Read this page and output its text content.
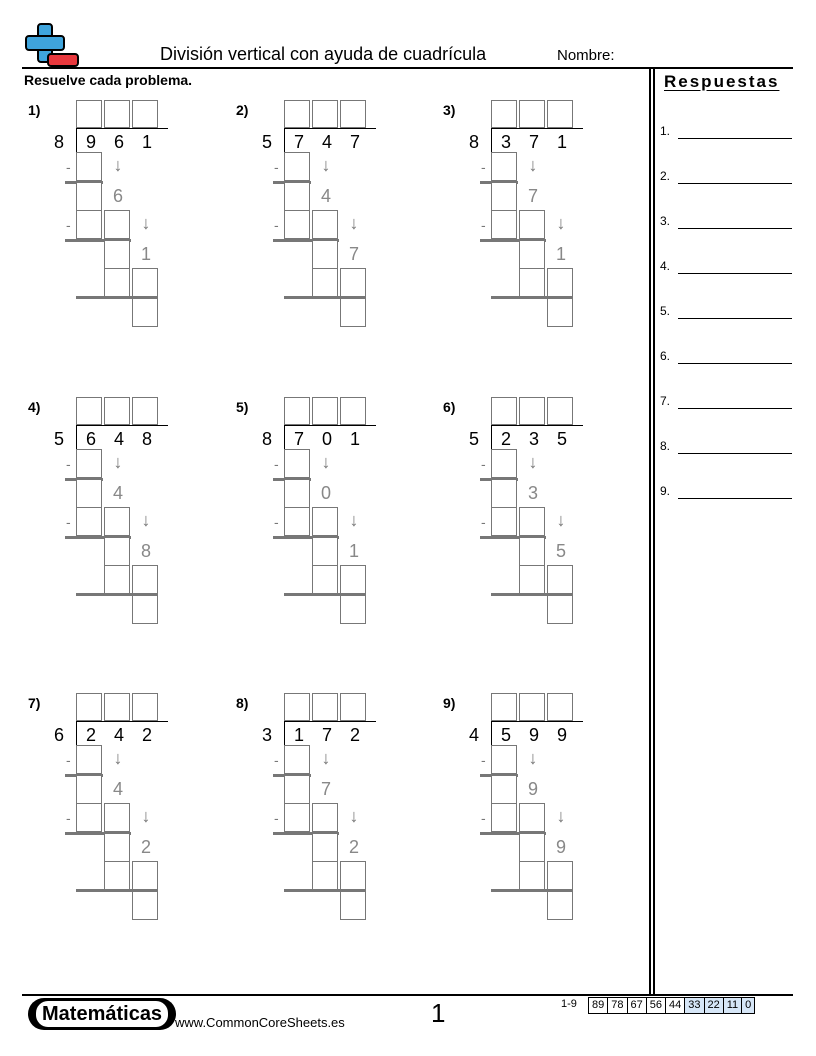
División vertical con ayuda de cuadrícula	Nombre:
Resuelve cada problema.	Respuestas
1.
2.
3.
4.
5.
6.
7.
8.
9.
1)
8	9 6 1
-	↓
6
-	↓
1
2)
5	7 4 7
-	↓
4
-	↓
7
3)
8	3 7 1
-	↓
7
-	↓
1
4)
5	6 4 8
-	↓
4
-	↓
8
5)
8	7 0 1
-	↓
0
-	↓
1
6)
5	2 3 5
-	↓
3
-	↓
5
7)
6	2 4 2
-	↓
4
-	↓
2
8)
3	1 7 2
-	↓
7
-	↓
2
9)
4	5 9 9
-	↓
9
-	↓
9
Matemáticas www.CommonCoreSheets.es	1	1-9	89 78 67 56 44 33 22 11 0
